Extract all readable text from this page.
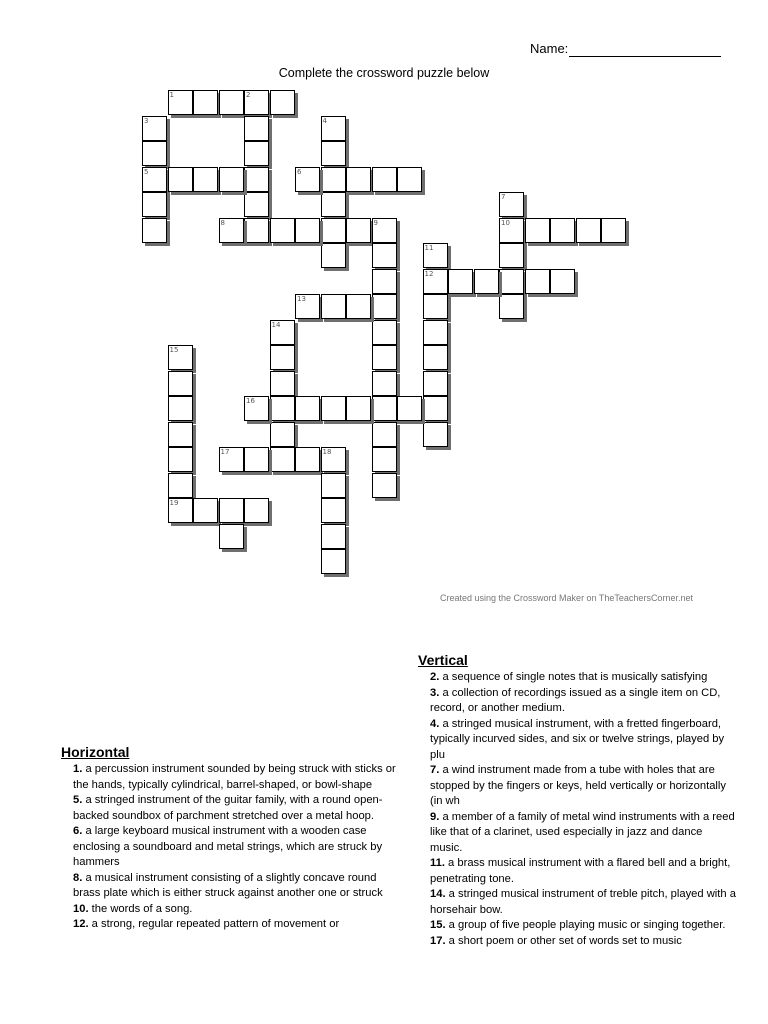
Name:
Complete the crossword puzzle below
1	2
3
5
4
6
7
10
8	9
11
12
13
14
15
19
16
17	18
Created using the Crossword Maker on TheTeachersCorner.net
Vertical
2. a sequence of single notes that is musically satisfying
3. a collection of recordings issued as a single item on CD, record, or another medium.
4. a stringed musical instrument, with a fretted fingerboard, typically incurved sides, and six or twelve strings, played by plu
7. a wind instrument made from a tube with holes that are stopped by the fingers or keys, held vertically or horizontally (in wh
9. a member of a family of metal wind instruments with a reed like that of a clarinet, used especially in jazz and dance music.
11. a brass musical instrument with a flared bell and a bright, penetrating tone.
14. a stringed musical instrument of treble pitch, played with a horsehair bow.
15. a group of five people playing music or singing together.
17. a short poem or other set of words set to music
Horizontal
1. a percussion instrument sounded by being struck with sticks or the hands, typically cylindrical, barrel-shaped, or bowl-shape
5. a stringed instrument of the guitar family, with a round open-backed soundbox of parchment stretched over a metal hoop.
6. a large keyboard musical instrument with a wooden case enclosing a soundboard and metal strings, which are struck by hammers
8. a musical instrument consisting of a slightly concave round brass plate which is either struck against another one or struck
10. the words of a song.
12. a strong, regular repeated pattern of movement or
